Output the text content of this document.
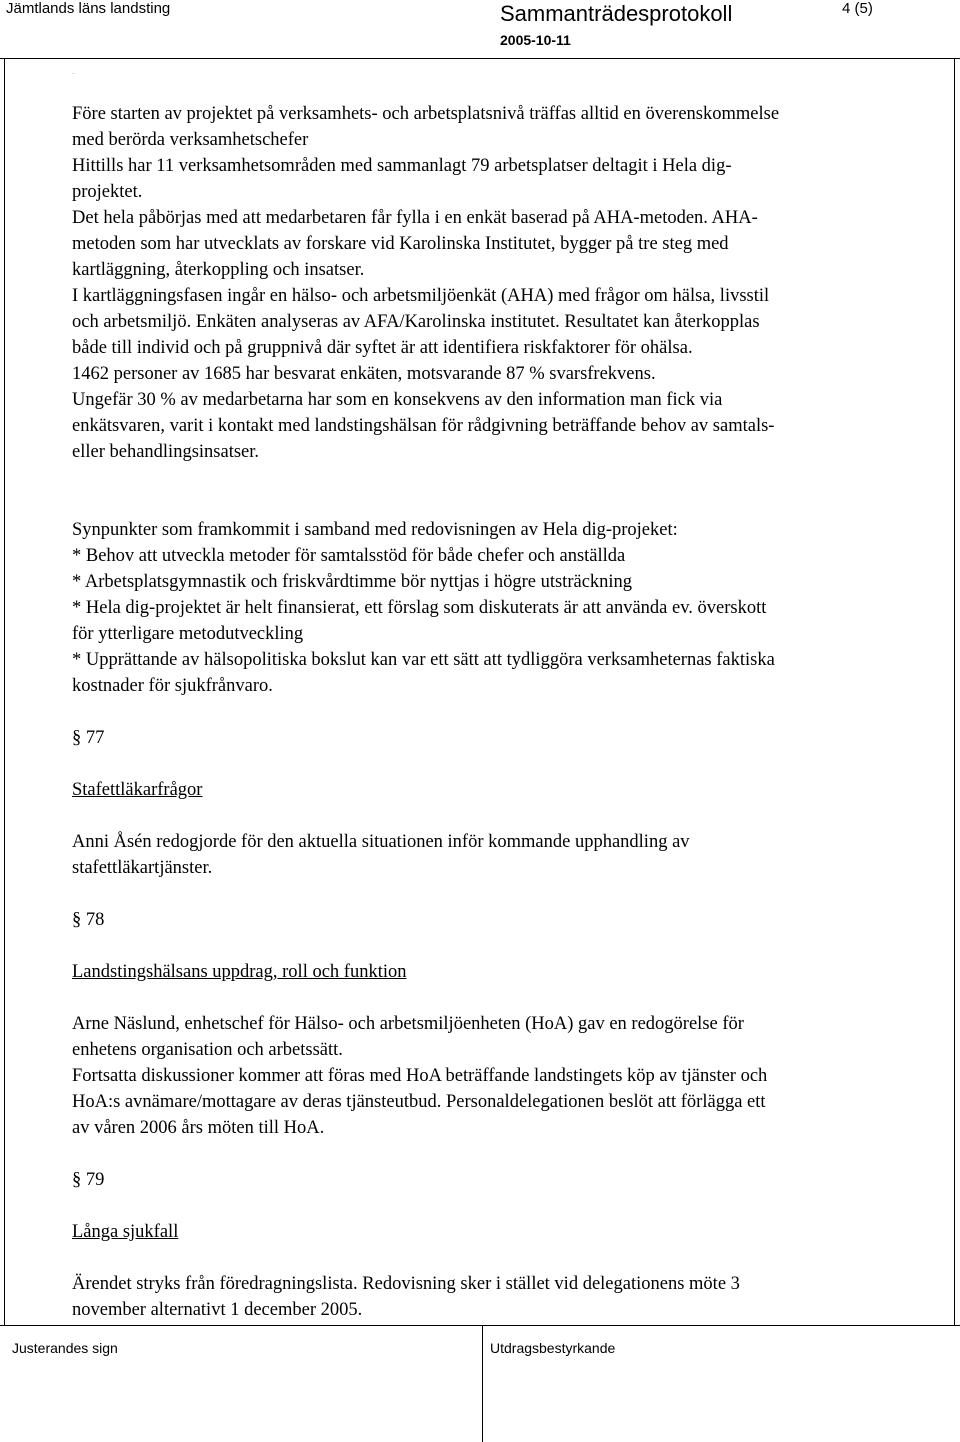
Jämtlands läns landsting	Sammanträdesprotokoll	4 (5)
2005-10-11
..
Före starten av projektet på verksamhets- och arbetsplatsnivå träffas alltid en överenskommelse
med berörda verksamhetschefer
Hittills har 11 verksamhetsområden med sammanlagt 79 arbetsplatser deltagit i Hela dig-
projektet.
Det hela påbörjas med att medarbetaren får fylla i en enkät baserad på AHA-metoden. AHA-
metoden som har utvecklats av forskare vid Karolinska Institutet, bygger på tre steg med
kartläggning, återkoppling och insatser.
I kartläggningsfasen ingår en hälso- och arbetsmiljöenkät (AHA) med frågor om hälsa, livsstil
och arbetsmiljö. Enkäten analyseras av AFA/Karolinska institutet. Resultatet kan återkopplas
både till individ och på gruppnivå där syftet är att identifiera riskfaktorer för ohälsa.
1462 personer av 1685 har besvarat enkäten, motsvarande 87 % svarsfrekvens.
Ungefär 30 % av medarbetarna har som en konsekvens av den information man fick via
enkätsvaren, varit i kontakt med landstingshälsan för rådgivning beträffande behov av samtals-
eller behandlingsinsatser.
Synpunkter som framkommit i samband med redovisningen av Hela dig-projeket:
* Behov att utveckla metoder för samtalsstöd för både chefer och anställda
* Arbetsplatsgymnastik och friskvårdtimme bör nyttjas i högre utsträckning
* Hela dig-projektet är helt finansierat, ett förslag som diskuterats är att använda ev. överskott
för ytterligare metodutveckling
* Upprättande av hälsopolitiska bokslut kan var ett sätt att tydliggöra verksamheternas faktiska
kostnader för sjukfrånvaro.
§ 77
Stafettläkarfrågor
Anni Åsén redogjorde för den aktuella situationen inför kommande upphandling av
stafettläkartjänster.
§ 78
Landstingshälsans uppdrag, roll och funktion
Arne Näslund, enhetschef för Hälso- och arbetsmiljöenheten (HoA) gav en redogörelse för
enhetens organisation och arbetssätt.
Fortsatta diskussioner kommer att föras med HoA beträffande landstingets köp av tjänster och
HoA:s avnämare/mottagare av deras tjänsteutbud. Personaldelegationen beslöt att förlägga ett
av våren 2006 års möten till HoA.
§ 79
Långa sjukfall
Ärendet stryks från föredragningslista. Redovisning sker i stället vid delegationens möte 3
november alternativt 1 december 2005.
Justerandes sign	Utdragsbestyrkande
